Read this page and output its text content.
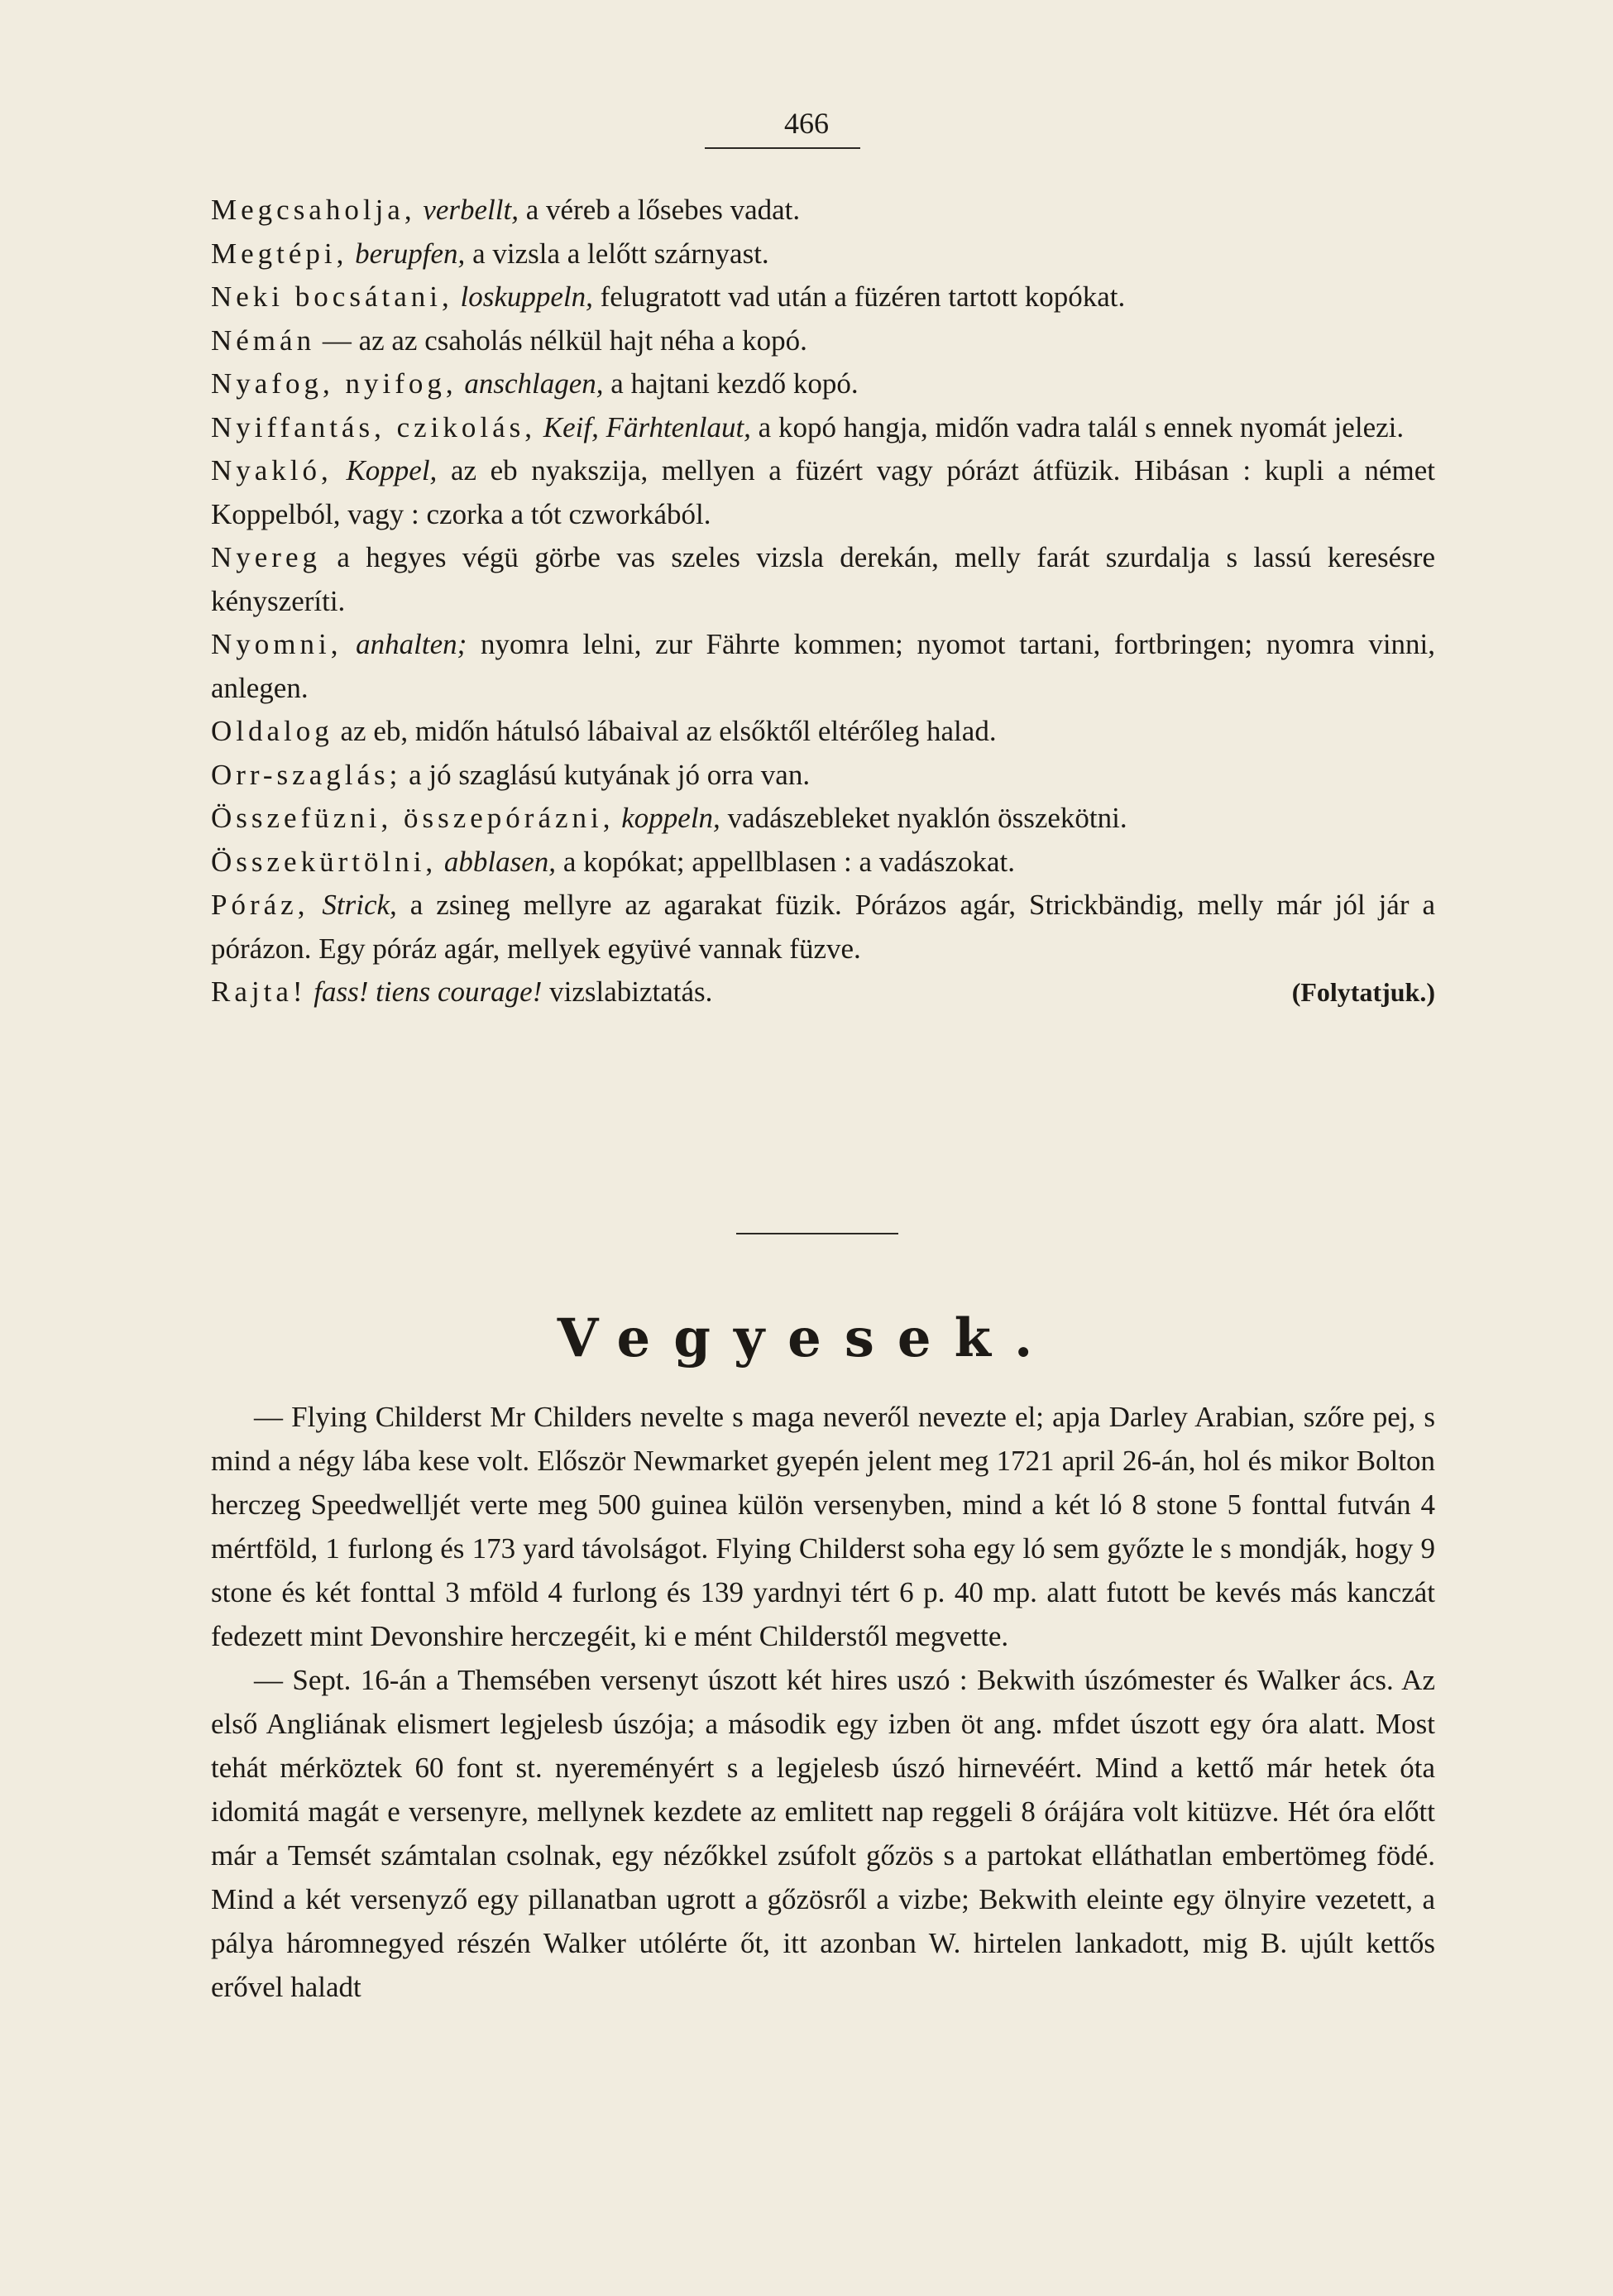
466

Megcsaholja, verbellt, a véreb a lősebes vadat.

Megtépi, berupfen, a vizsla a lelőtt szárnyast.

Neki bocsátani, loskuppeln, felugratott vad után a füzéren tartott kopókat.

Némán — az az csaholás nélkül hajt néha a kopó.

Nyafog, nyifog, anschlagen, a hajtani kezdő kopó.

Nyiffantás, czikolás, Keif, Färhtenlaut, a kopó hangja, midőn vadra talál s ennek nyomát jelezi.

Nyakló, Koppel, az eb nyakszija, mellyen a füzért vagy pórázt átfüzik. Hibásan : kupli a német Koppelból, vagy : czorka a tót czworkából.

Nyereg a hegyes végü görbe vas szeles vizsla derekán, melly farát szurdalja s lassú keresésre kényszeríti.

Nyomni, anhalten; nyomra lelni, zur Fährte kommen; nyomot tartani, fortbringen; nyomra vinni, anlegen.

Oldalog az eb, midőn hátulsó lábaival az elsőktől eltérőleg halad.

Orr-szaglás; a jó szaglású kutyának jó orra van.

Összefüzni, összepórázni, koppeln, vadászebleket nyaklón összekötni.

Összekürtölni, abblasen, a kopókat; appellblasen : a vadászokat.

Póráz, Strick, a zsineg mellyre az agarakat füzik. Pórázos agár, Strickbändig, melly már jól jár a pórázon. Egy póráz agár, mellyek együvé vannak füzve.

Rajta! fass! tiens courage! vizslabiztatás.	(Folytatjuk.)

Vegyesek.

— Flying Childerst Mr Childers nevelte s maga neveről nevezte el; apja Darley Arabian, szőre pej, s mind a négy lába kese volt. Először Newmarket gyepén jelent meg 1721 april 26-án, hol és mikor Bolton herczeg Speedwelljét verte meg 500 guinea külön versenyben, mind a két ló 8 stone 5 fonttal futván 4 mértföld, 1 furlong és 173 yard távolságot. Flying Childerst soha egy ló sem győzte le s mondják, hogy 9 stone és két fonttal 3 mföld 4 furlong és 139 yardnyi tért 6 p. 40 mp. alatt futott be kevés más kanczát fedezett mint Devonshire herczegéit, ki e mént Childerstől megvette.

— Sept. 16-án a Themsében versenyt úszott két hires uszó : Bekwith úszómester és Walker ács. Az első Angliának elismert legjelesb úszója; a második egy izben öt ang. mfdet úszott egy óra alatt. Most tehát mérköztek 60 font st. nyereményért s a legjelesb úszó hirnevéért. Mind a kettő már hetek óta idomitá magát e versenyre, mellynek kezdete az emlitett nap reggeli 8 órájára volt kitüzve. Hét óra előtt már a Temsét számtalan csolnak, egy nézőkkel zsúfolt gőzös s a partokat elláthatlan embertömeg födé. Mind a két versenyző egy pillanatban ugrott a gőzösről a vizbe; Bekwith eleinte egy ölnyire vezetett, a pálya háromnegyed részén Walker utólérte őt, itt azonban W. hirtelen lankadott, mig B. ujúlt kettős erővel haladt
